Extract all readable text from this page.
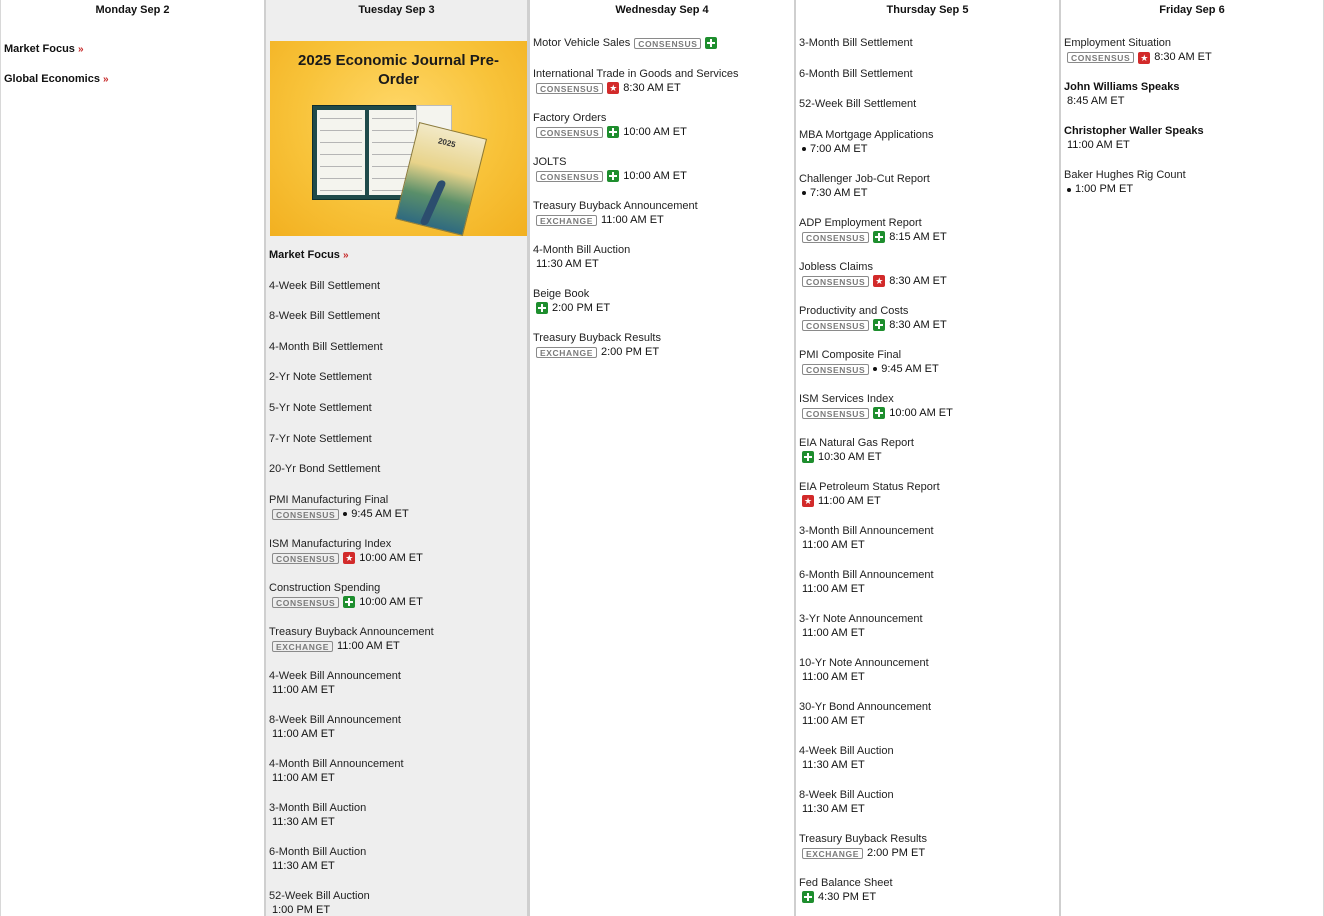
Monday Sep 2
Market Focus »
Global Economics »
Tuesday Sep 3
2025 Economic Journal Pre-Order
2025
Market Focus »
4-Week Bill Settlement
8-Week Bill Settlement
4-Month Bill Settlement
2-Yr Note Settlement
5-Yr Note Settlement
7-Yr Note Settlement
20-Yr Bond Settlement
PMI Manufacturing Final
CONSENSUS	9:45 AM ET
ISM Manufacturing Index
CONSENSUS	★ 10:00 AM ET
Construction Spending
CONSENSUS	10:00 AM ET
Treasury Buyback Announcement
EXCHANGE 11:00 AM ET
4-Week Bill Announcement
11:00 AM ET
8-Week Bill Announcement
11:00 AM ET
4-Month Bill Announcement
11:00 AM ET
3-Month Bill Auction
11:30 AM ET
6-Month Bill Auction
11:30 AM ET
52-Week Bill Auction
1:00 PM ET
Wednesday Sep 4
Motor Vehicle Sales CONSENSUS
International Trade in Goods and Services
CONSENSUS	★ 8:30 AM ET
Factory Orders
CONSENSUS	10:00 AM ET
JOLTS
CONSENSUS	10:00 AM ET
Treasury Buyback Announcement
EXCHANGE 11:00 AM ET
4-Month Bill Auction
11:30 AM ET
Beige Book
2:00 PM ET
Treasury Buyback Results
EXCHANGE 2:00 PM ET
Thursday Sep 5
3-Month Bill Settlement
6-Month Bill Settlement
52-Week Bill Settlement
MBA Mortgage Applications
7:00 AM ET
Challenger Job-Cut Report
7:30 AM ET
ADP Employment Report
CONSENSUS	8:15 AM ET
Jobless Claims
CONSENSUS	★ 8:30 AM ET
Productivity and Costs
CONSENSUS	8:30 AM ET
PMI Composite Final
CONSENSUS	9:45 AM ET
ISM Services Index
CONSENSUS	10:00 AM ET
EIA Natural Gas Report
10:30 AM ET
EIA Petroleum Status Report
★ 11:00 AM ET
3-Month Bill Announcement
11:00 AM ET
6-Month Bill Announcement
11:00 AM ET
3-Yr Note Announcement
11:00 AM ET
10-Yr Note Announcement
11:00 AM ET
30-Yr Bond Announcement
11:00 AM ET
4-Week Bill Auction
11:30 AM ET
8-Week Bill Auction
11:30 AM ET
Treasury Buyback Results
EXCHANGE 2:00 PM ET
Fed Balance Sheet
4:30 PM ET
Friday Sep 6
Employment Situation
CONSENSUS	★ 8:30 AM ET
John Williams Speaks
8:45 AM ET
Christopher Waller Speaks
11:00 AM ET
Baker Hughes Rig Count
1:00 PM ET
